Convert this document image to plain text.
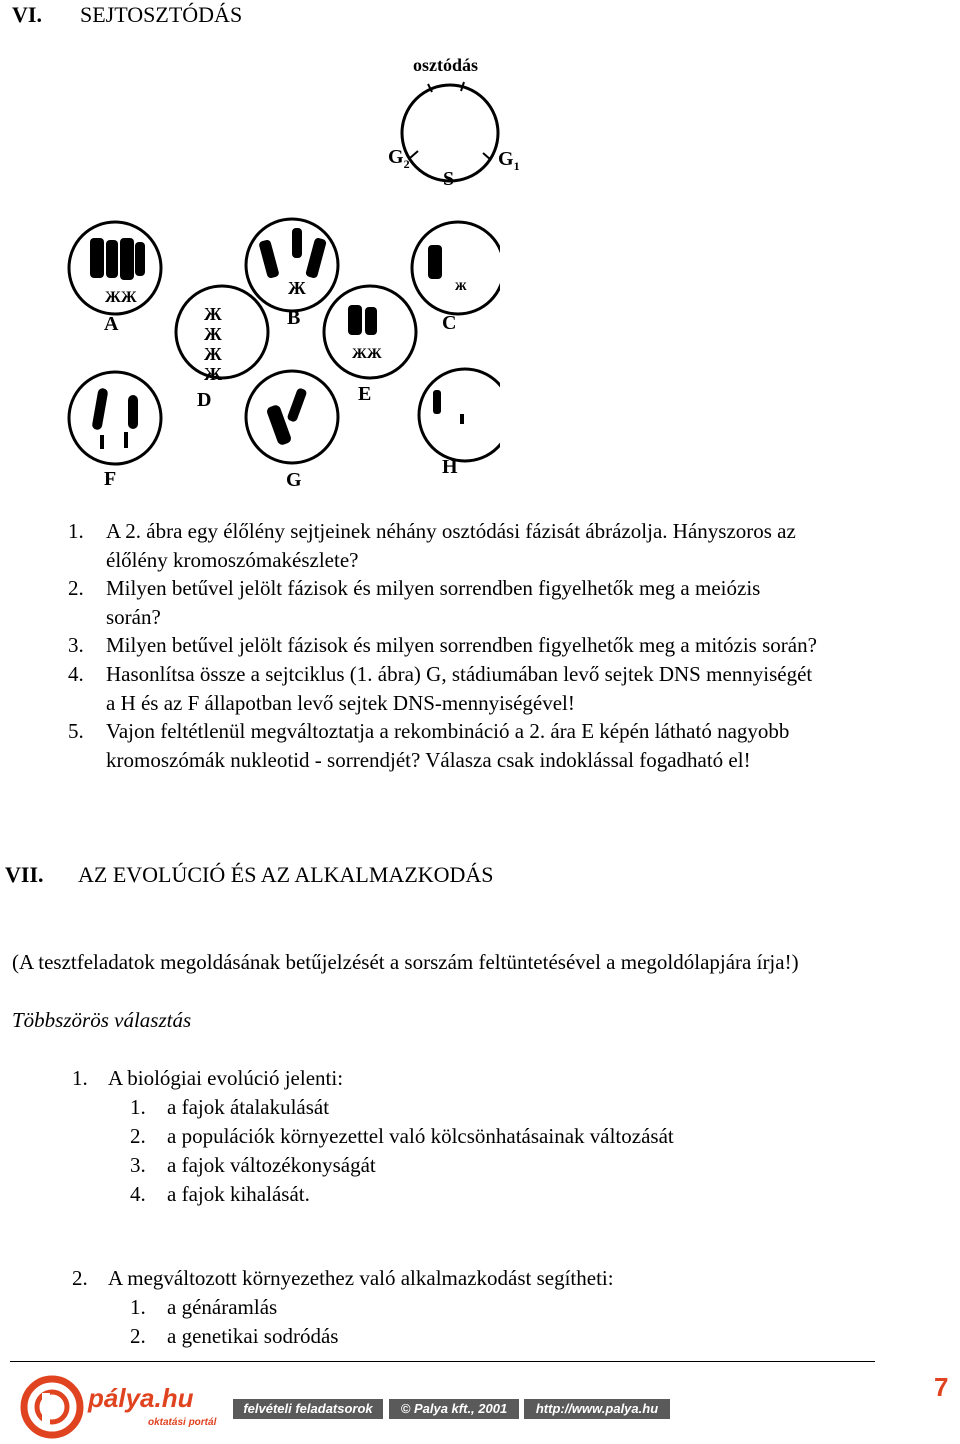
VI. SEJTOSZTÓDÁS
osztódás
$G_2$
S
$G_1$
ЖЖ
Ж
Ж
Ж
Ж
Ж
ЖЖ
ж
A	B	C
D	E
F	G
H
1. A 2. ábra egy élőlény sejtjeinek néhány osztódási fázisát ábrázolja. Hányszoros az
élőlény kromoszómakészlete?
2. Milyen betűvel jelölt fázisok és milyen sorrendben figyelhetők meg a meiózis
során?
3. Milyen betűvel jelölt fázisok és milyen sorrendben figyelhetők meg a mitózis során?
4. Hasonlítsa össze a sejtciklus (1. ábra) G, stádiumában levő sejtek DNS mennyiségét
a H és az F állapotban levő sejtek DNS-mennyiségével!
5. Vajon feltétlenül megváltoztatja a rekombináció a 2. ára E képén látható nagyobb
kromoszómák nukleotid - sorrendjét? Válasza csak indoklással fogadható el!
VII. AZ EVOLÚCIÓ ÉS AZ ALKALMAZKODÁS
(A tesztfeladatok megoldásának betűjelzését a sorszám feltüntetésével a megoldólapjára írja!)
Többszörös választás
1. A biológiai evolúció jelenti:
1. a fajok átalakulását
2. a populációk környezettel való kölcsönhatásainak változását
3. a fajok változékonyságát
4. a fajok kihalását.
2. A megváltozott környezethez való alkalmazkodást segítheti:
1. a génáramlás
2. a genetikai sodródás
pálya.hu
oktatási portál
felvételi feladatsorok	© Palya kft., 2001	http://www.palya.hu
7
